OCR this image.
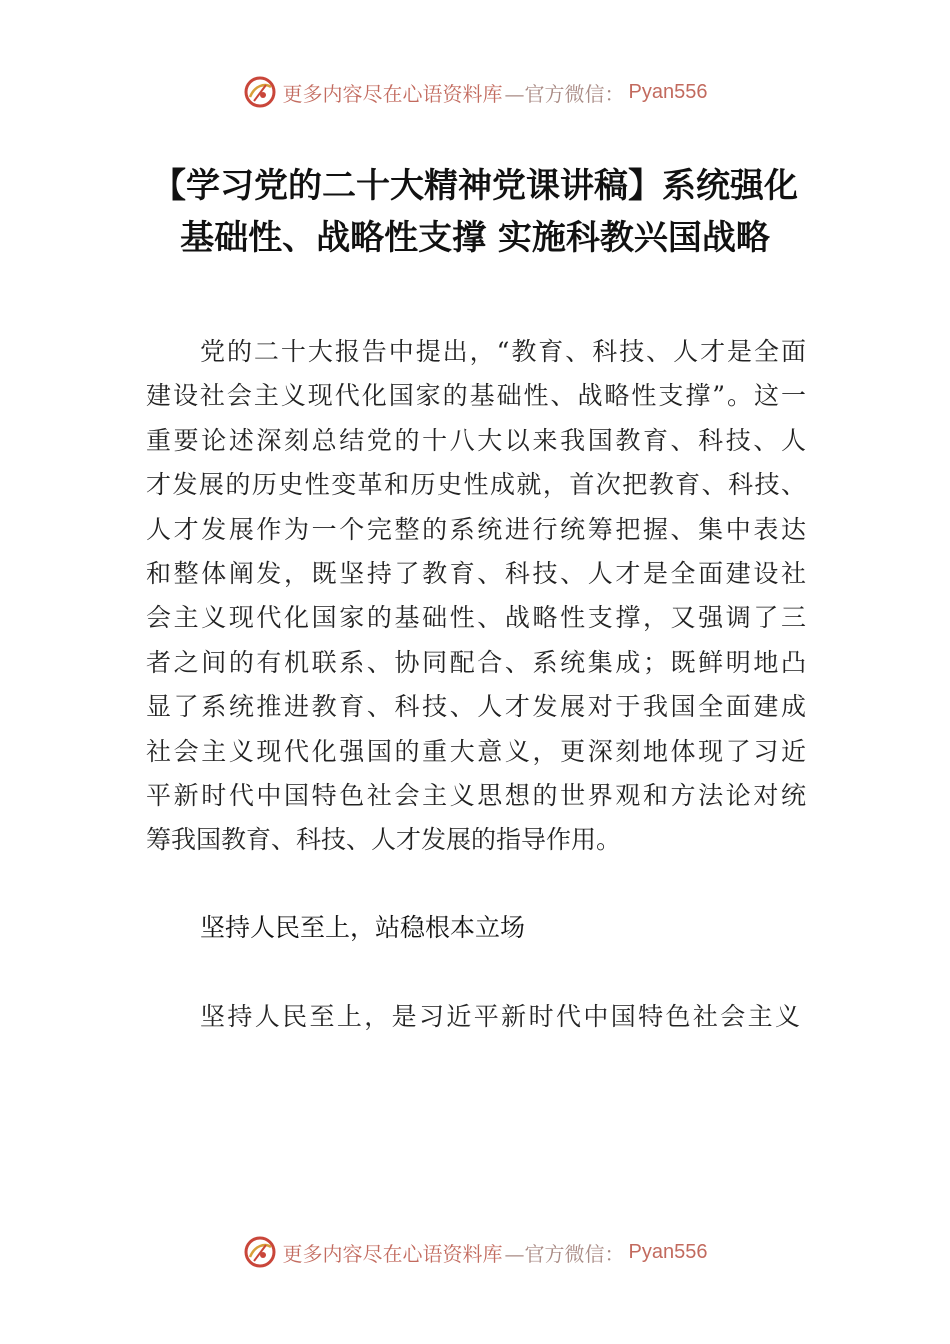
更多内容尽在心语资料库 —官方微信： Pyan556
【学习党的二十大精神党课讲稿】系统强化
基础性、战略性支撑 实施科教兴国战略
党的二十大报告中提出，“教育、科技、人才是全面
建设社会主义现代化国家的基础性、战略性支撑”。这一
重要论述深刻总结党的十八大以来我国教育、科技、人
才发展的历史性变革和历史性成就，首次把教育、科技、
人才发展作为一个完整的系统进行统筹把握、集中表达
和整体阐发，既坚持了教育、科技、人才是全面建设社
会主义现代化国家的基础性、战略性支撑，又强调了三
者之间的有机联系、协同配合、系统集成；既鲜明地凸
显了系统推进教育、科技、人才发展对于我国全面建成
社会主义现代化强国的重大意义，更深刻地体现了习近
平新时代中国特色社会主义思想的世界观和方法论对统
筹我国教育、科技、人才发展的指导作用。
坚持人民至上，站稳根本立场
坚持人民至上，是习近平新时代中国特色社会主义
更多内容尽在心语资料库 —官方微信： Pyan556
